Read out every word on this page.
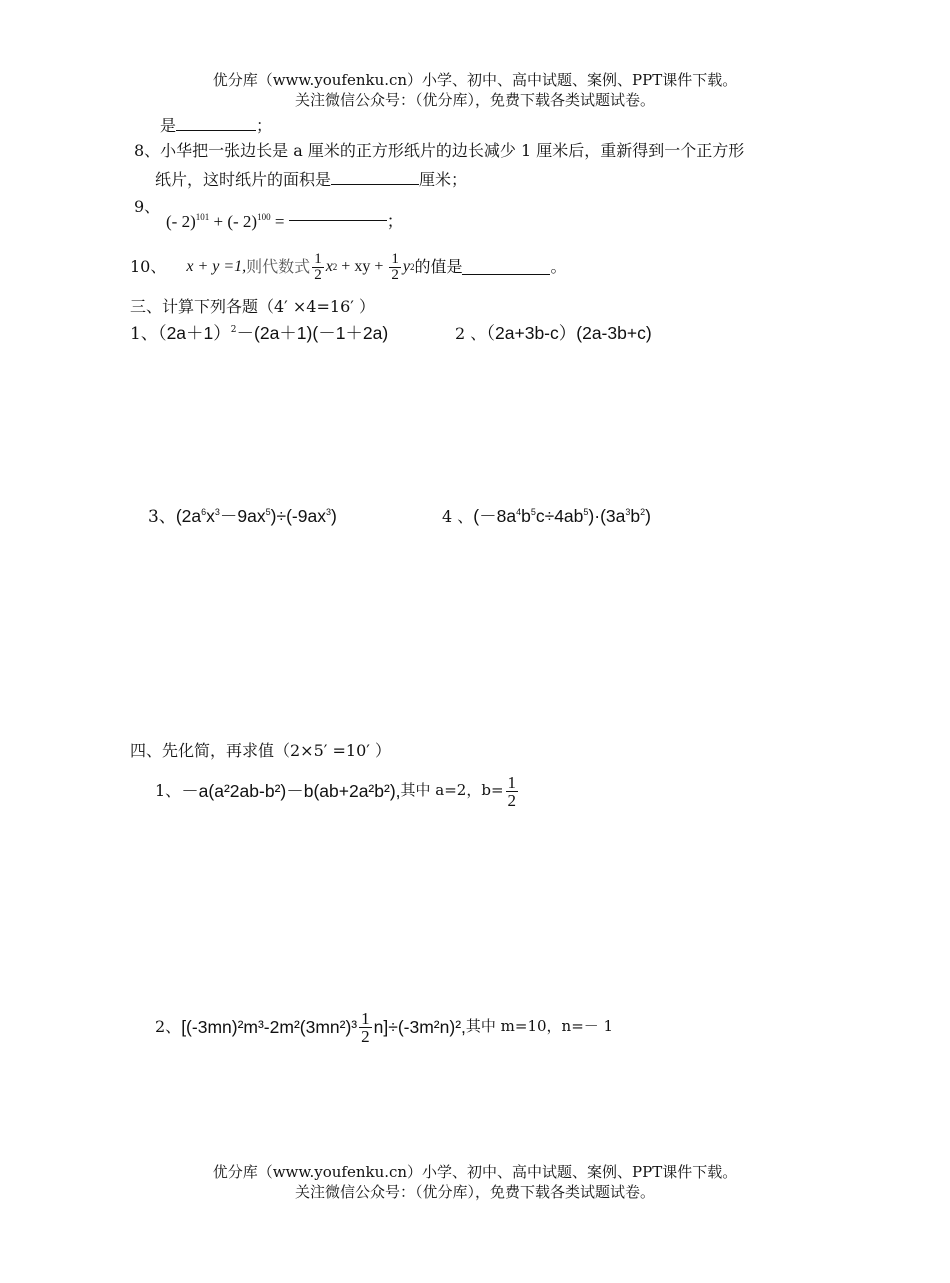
优分库（www.youfenku.cn）小学、初中、高中试题、案例、PPT课件下载。
关注微信公众号：（优分库），免费下载各类试题试卷。
是	；
8、小华把一张边长是 a 厘米的正方形纸片的边长减少 1 厘米后，重新得到一个正方形
纸片，这时纸片的面积是	厘米；
9、
(- 2)$^{101}$ + (- 2)$^{100}$ =	；
10、 x + y =1, 则代数式 $\frac{1}{2}$ x 2 + xy + $\frac{1}{2}$ y 2 的值是	。
三、计算下列各题（4′ ×4=16′ ）
1、$(2a+1)^2-(2a+1)(-1+2a)$	2 、（2a+3b-c）(2a-3b+c)
3、$(2a^6x^3-9ax^5)\div(-9ax^3)$	4 、$(-8a^4b^5c\div 4ab^5)\cdot(3a^3b^2)$
四、先化简，再求值（2×5′ =10′ ）
1、 －a(a²2ab-b²)－b(ab+2a²b²), 其中 a=2，$b= \frac{1}{2}$
2、 $[(-3mn)^2m^3-2m^2(3mn^2)^3 \frac{1}{2} n]\div(-3m^2n)^2$, 其中 m=10，n=－ 1
优分库（www.youfenku.cn）小学、初中、高中试题、案例、PPT课件下载。
关注微信公众号：（优分库），免费下载各类试题试卷。
